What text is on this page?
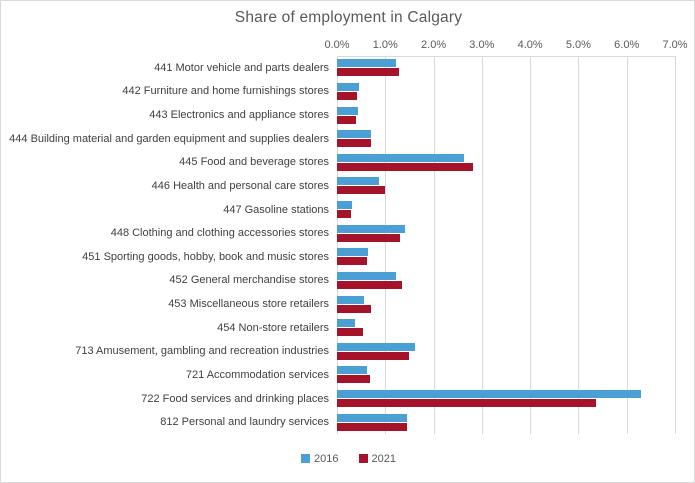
Share of employment in Calgary
0.0% 1.0% 2.0% 3.0% 4.0% 5.0% 6.0% 7.0%
441 Motor vehicle and parts dealers
442 Furniture and home furnishings stores
443 Electronics and appliance stores
444 Building material and garden equipment and supplies dealers
445 Food and beverage stores
446 Health and personal care stores
447 Gasoline stations
448 Clothing and clothing accessories stores
451 Sporting goods, hobby, book and music stores
452 General merchandise stores
453 Miscellaneous store retailers
454 Non-store retailers
713 Amusement, gambling and recreation industries
721 Accommodation services
722 Food services and drinking places
812 Personal and laundry services
2016	2021
